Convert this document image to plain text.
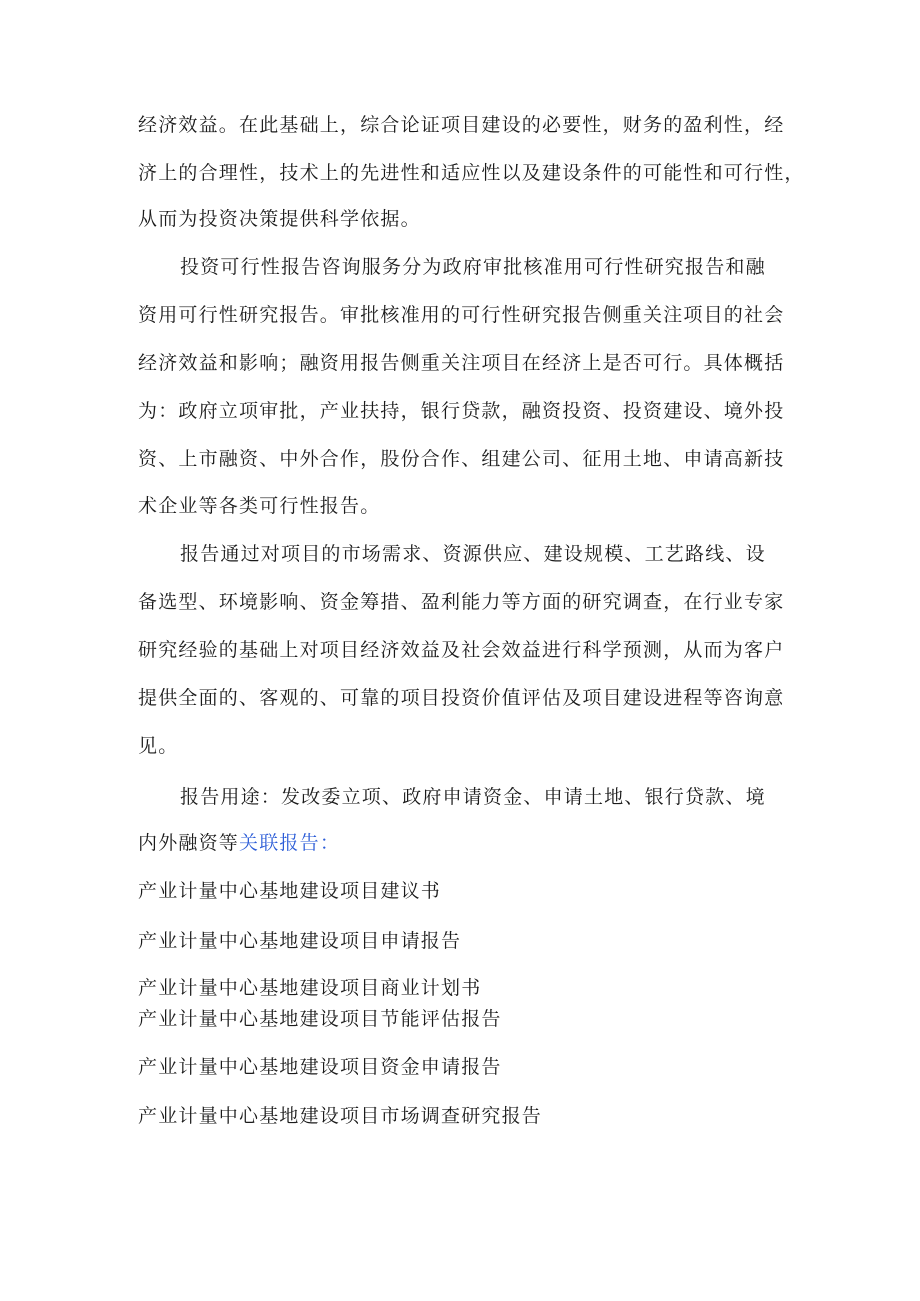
经济效益。在此基础上，综合论证项目建设的必要性，财务的盈利性，经
济上的合理性，技术上的先进性和适应性以及建设条件的可能性和可行性，
从而为投资决策提供科学依据。
投资可行性报告咨询服务分为政府审批核准用可行性研究报告和融
资用可行性研究报告。审批核准用的可行性研究报告侧重关注项目的社会
经济效益和影响；融资用报告侧重关注项目在经济上是否可行。具体概括
为：政府立项审批，产业扶持，银行贷款，融资投资、投资建设、境外投
资、上市融资、中外合作，股份合作、组建公司、征用土地、申请高新技
术企业等各类可行性报告。
报告通过对项目的市场需求、资源供应、建设规模、工艺路线、设
备选型、环境影响、资金筹措、盈利能力等方面的研究调查，在行业专家
研究经验的基础上对项目经济效益及社会效益进行科学预测，从而为客户
提供全面的、客观的、可靠的项目投资价值评估及项目建设进程等咨询意
见。
报告用途：发改委立项、政府申请资金、申请土地、银行贷款、境
内外融资等关联报告：
产业计量中心基地建设项目建议书
产业计量中心基地建设项目申请报告
产业计量中心基地建设项目商业计划书
产业计量中心基地建设项目节能评估报告
产业计量中心基地建设项目资金申请报告
产业计量中心基地建设项目市场调查研究报告
